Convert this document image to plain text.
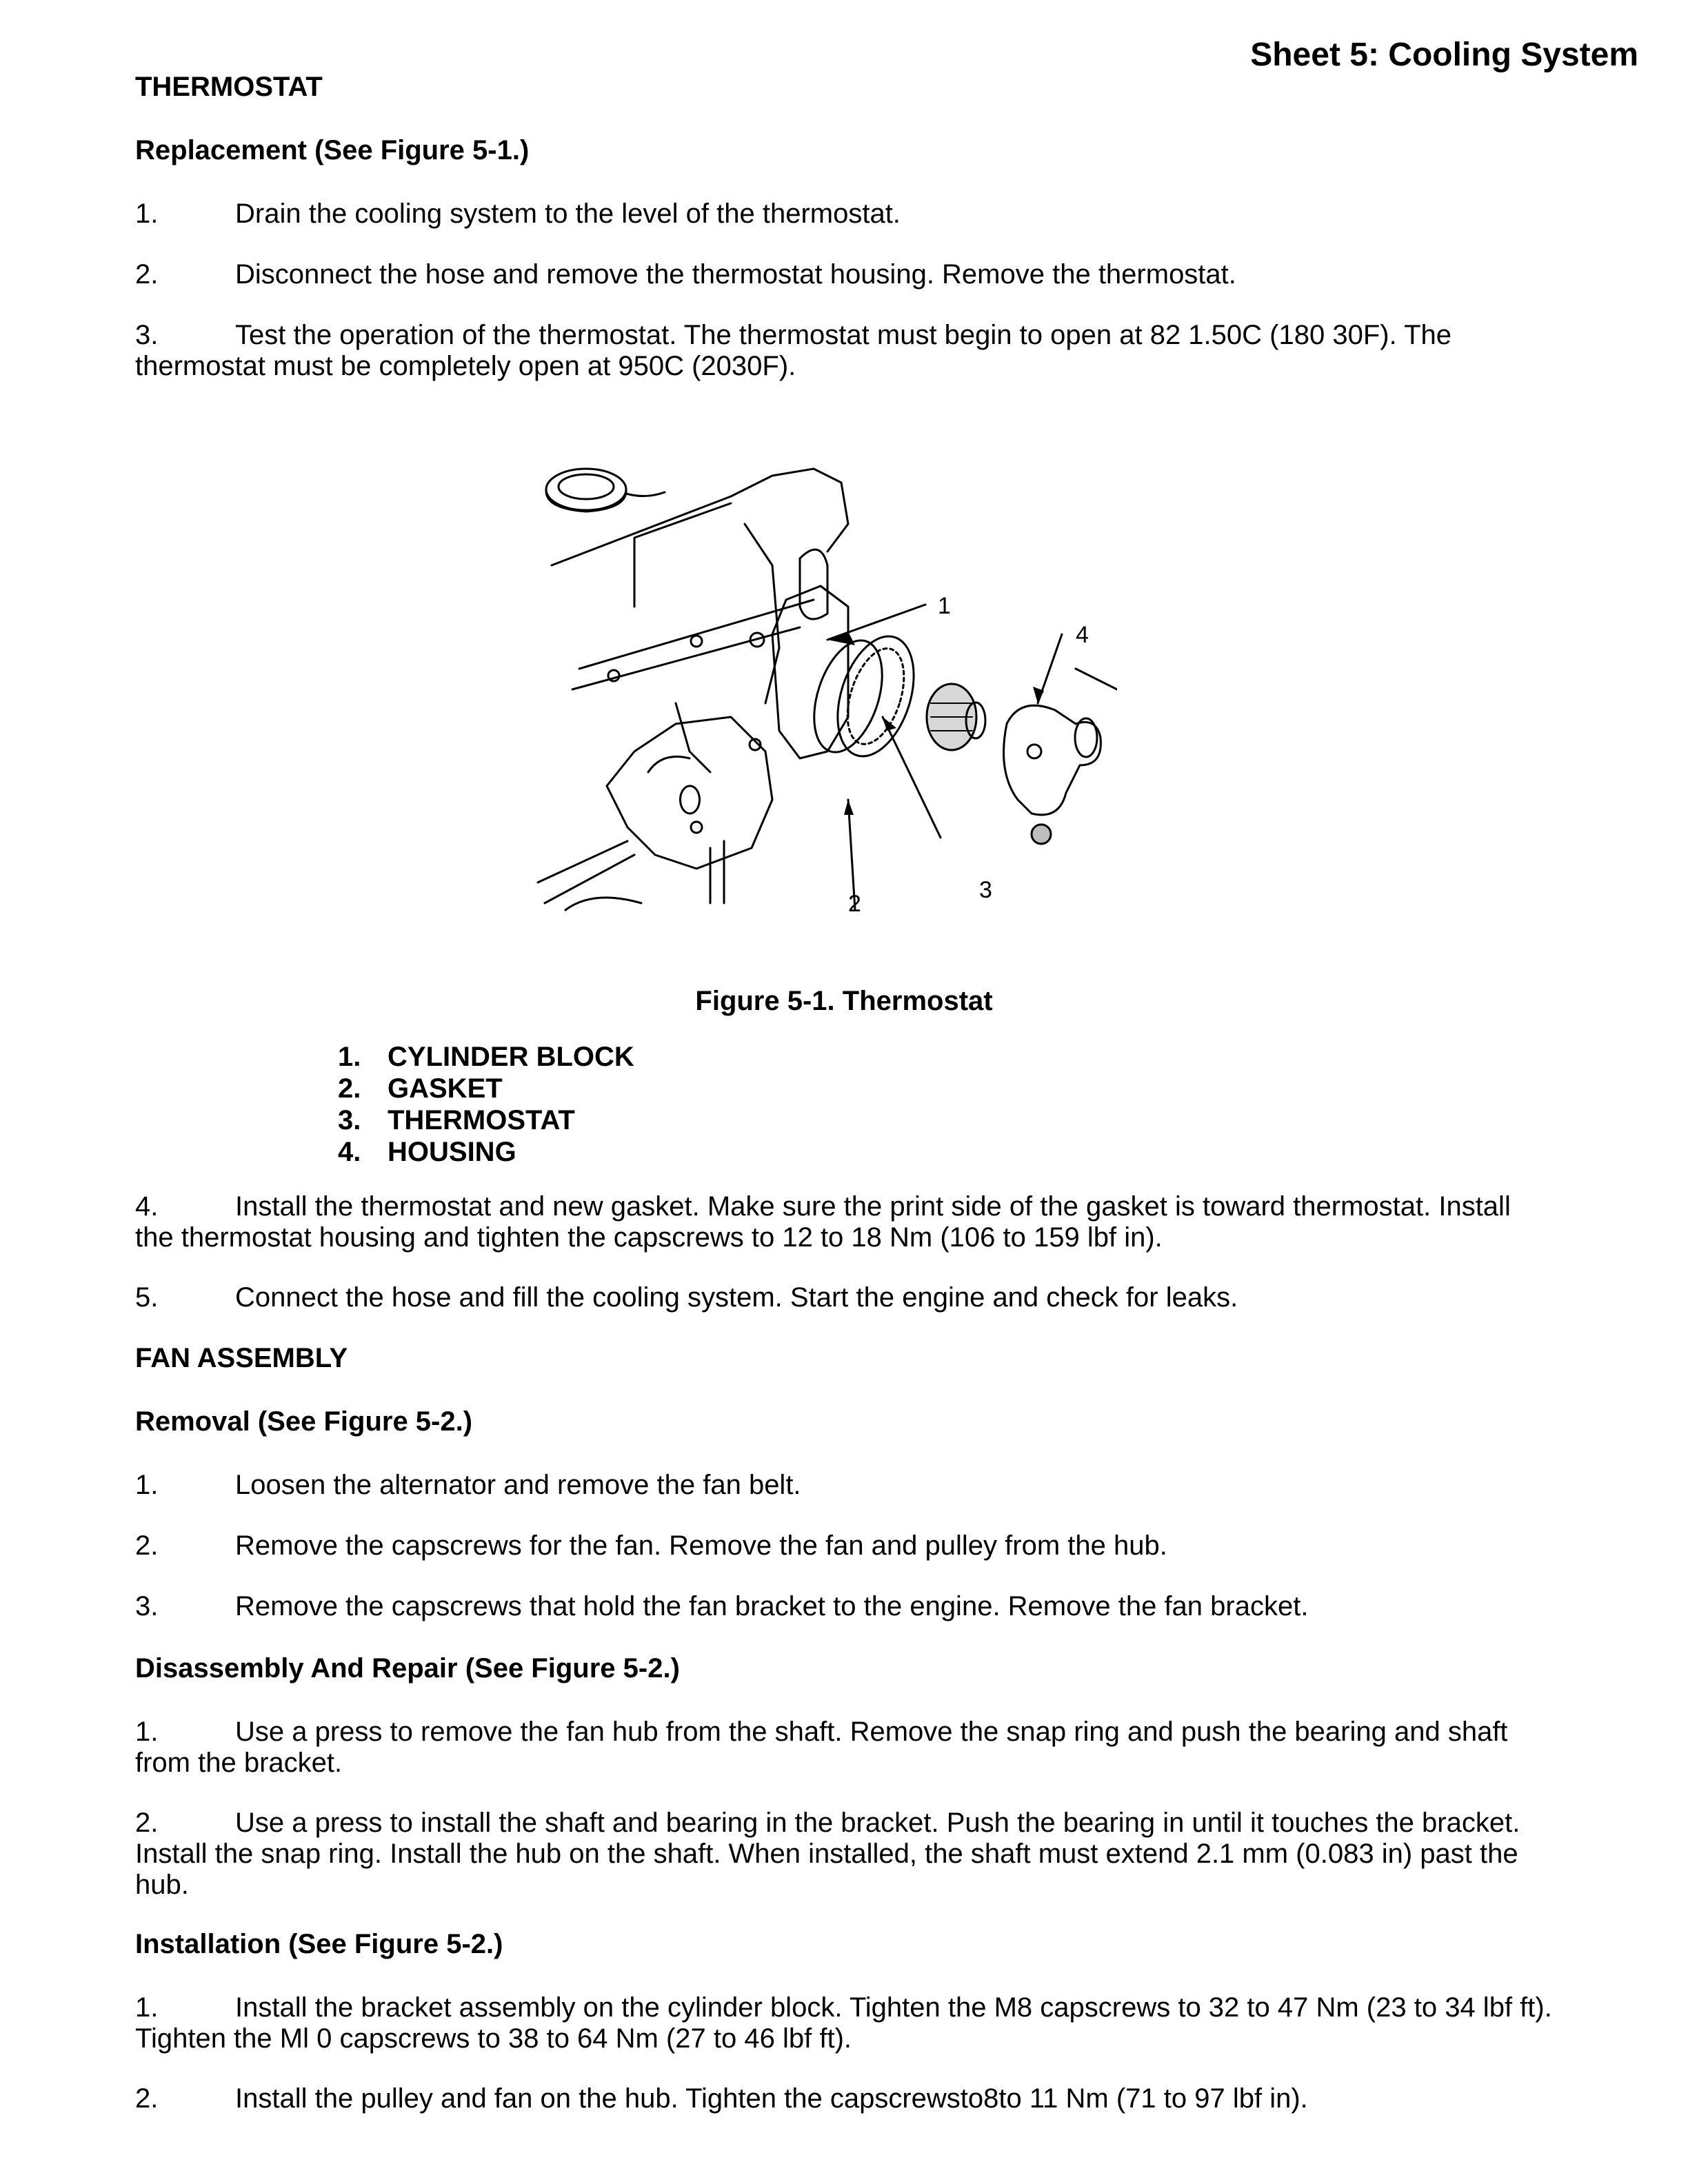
Sheet 5: Cooling System
THERMOSTAT
Replacement (See Figure 5-1.)
1.	Drain the cooling system to the level of the thermostat.
2.	Disconnect the hose and remove the thermostat housing. Remove the thermostat.
3.	Test the operation of the thermostat. The thermostat must begin to open at 82 1.50C (180 30F). The thermostat must be completely open at 950C (2030F).
1
4
2
3
Figure 5-1. Thermostat
1. CYLINDER BLOCK
2. GASKET
3. THERMOSTAT
4. HOUSING
4.	Install the thermostat and new gasket. Make sure the print side of the gasket is toward thermostat. Install the thermostat housing and tighten the capscrews to 12 to 18 Nm (106 to 159 lbf in).
5.	Connect the hose and fill the cooling system. Start the engine and check for leaks.
FAN ASSEMBLY
Removal (See Figure 5-2.)
1.	Loosen the alternator and remove the fan belt.
2.	Remove the capscrews for the fan. Remove the fan and pulley from the hub.
3.	Remove the capscrews that hold the fan bracket to the engine. Remove the fan bracket.
Disassembly And Repair (See Figure 5-2.)
1.	Use a press to remove the fan hub from the shaft. Remove the snap ring and push the bearing and shaft from the bracket.
2.	Use a press to install the shaft and bearing in the bracket. Push the bearing in until it touches the bracket. Install the snap ring. Install the hub on the shaft. When installed, the shaft must extend 2.1 mm (0.083 in) past the hub.
Installation (See Figure 5-2.)
1.	Install the bracket assembly on the cylinder block. Tighten the M8 capscrews to 32 to 47 Nm (23 to 34 lbf ft). Tighten the Ml 0 capscrews to 38 to 64 Nm (27 to 46 lbf ft).
2.	Install the pulley and fan on the hub. Tighten the capscrewsto8to 11 Nm (71 to 97 lbf in).
